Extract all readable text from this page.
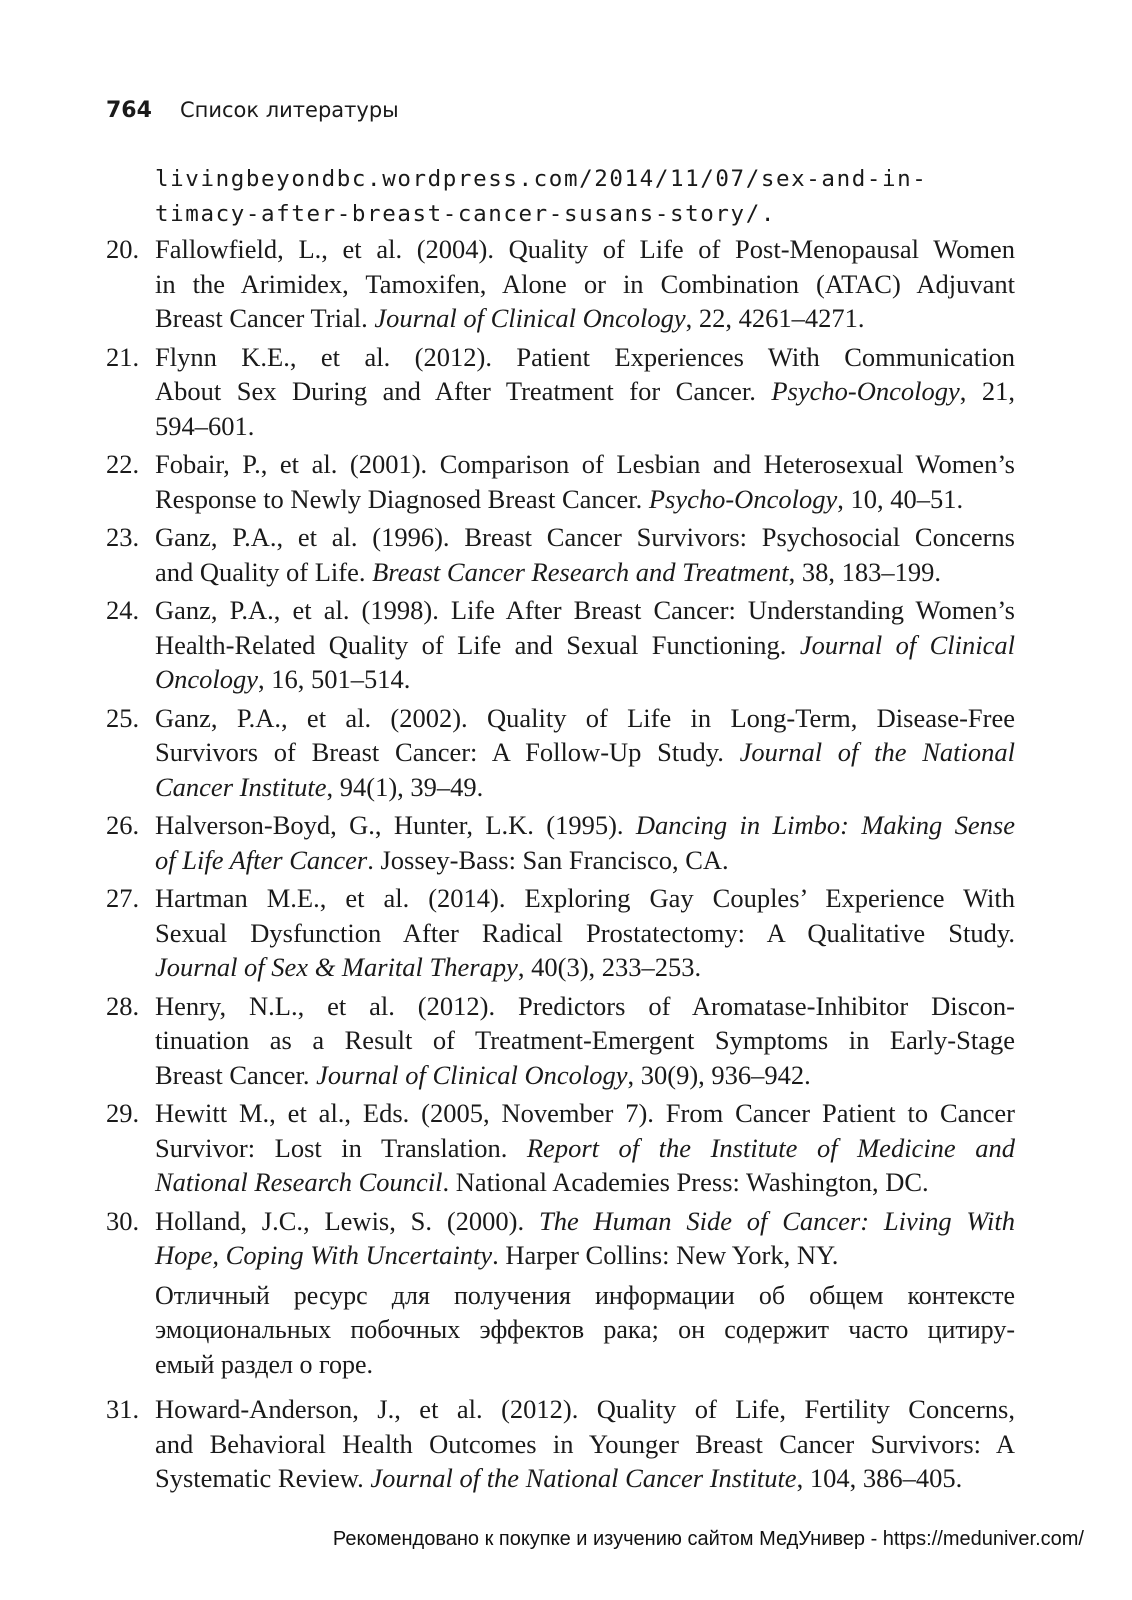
764 Список литературы
livingbeyondbc.wordpress.com/2014/11/07/sex-and-in-
timacy-after-breast-cancer-susans-story/.
20. Fallowfield, L., et al. (2004). Quality of Life of Post-Menopausal Women
in the Arimidex, Tamoxifen, Alone or in Combination (ATAC) Adjuvant
Breast Cancer Trial. Journal of Clinical Oncology, 22, 4261–4271.
21. Flynn K.E., et al. (2012). Patient Experiences With Communication
About Sex During and After Treatment for Cancer. Psycho-Oncology, 21,
594–601.
22. Fobair, P., et al. (2001). Comparison of Lesbian and Heterosexual Women’s
Response to Newly Diagnosed Breast Cancer. Psycho-Oncology, 10, 40–51.
23. Ganz, P.A., et al. (1996). Breast Cancer Survivors: Psychosocial Concerns
and Quality of Life. Breast Cancer Research and Treatment, 38, 183–199.
24. Ganz, P.A., et al. (1998). Life After Breast Cancer: Understanding Women’s
Health-Related Quality of Life and Sexual Functioning. Journal of Clinical
Oncology, 16, 501–514.
25. Ganz, P.A., et al. (2002). Quality of Life in Long-Term, Disease-Free
Survivors of Breast Cancer: A Follow-Up Study. Journal of the National
Cancer Institute, 94(1), 39–49.
26. Halverson-Boyd, G., Hunter, L.K. (1995). Dancing in Limbo: Making Sense
of Life After Cancer. Jossey-Bass: San Francisco, CA.
27. Hartman M.E., et al. (2014). Exploring Gay Couples’ Experience With
Sexual Dysfunction After Radical Prostatectomy: A Qualitative Study.
Journal of Sex & Marital Therapy, 40(3), 233–253.
28. Henry, N.L., et al. (2012). Predictors of Aromatase-Inhibitor Discon-
tinuation as a Result of Treatment-Emergent Symptoms in Early-Stage
Breast Cancer. Journal of Clinical Oncology, 30(9), 936–942.
29. Hewitt M., et al., Eds. (2005, November 7). From Cancer Patient to Cancer
Survivor: Lost in Translation. Report of the Institute of Medicine and
National Research Council. National Academies Press: Washington, DC.
30. Holland, J.C., Lewis, S. (2000). The Human Side of Cancer: Living With
Hope, Coping With Uncertainty. Harper Collins: New York, NY.
Отличный ресурс для получения информации об общем контексте
эмоциональных побочных эффектов рака; он содержит часто цитиру-
емый раздел о горе.
31. Howard-Anderson, J., et al. (2012). Quality of Life, Fertility Concerns,
and Behavioral Health Outcomes in Younger Breast Cancer Survivors: A
Systematic Review. Journal of the National Cancer Institute, 104, 386–405.
Рекомендовано к покупке и изучению сайтом МедУнивер - https://meduniver.com/
